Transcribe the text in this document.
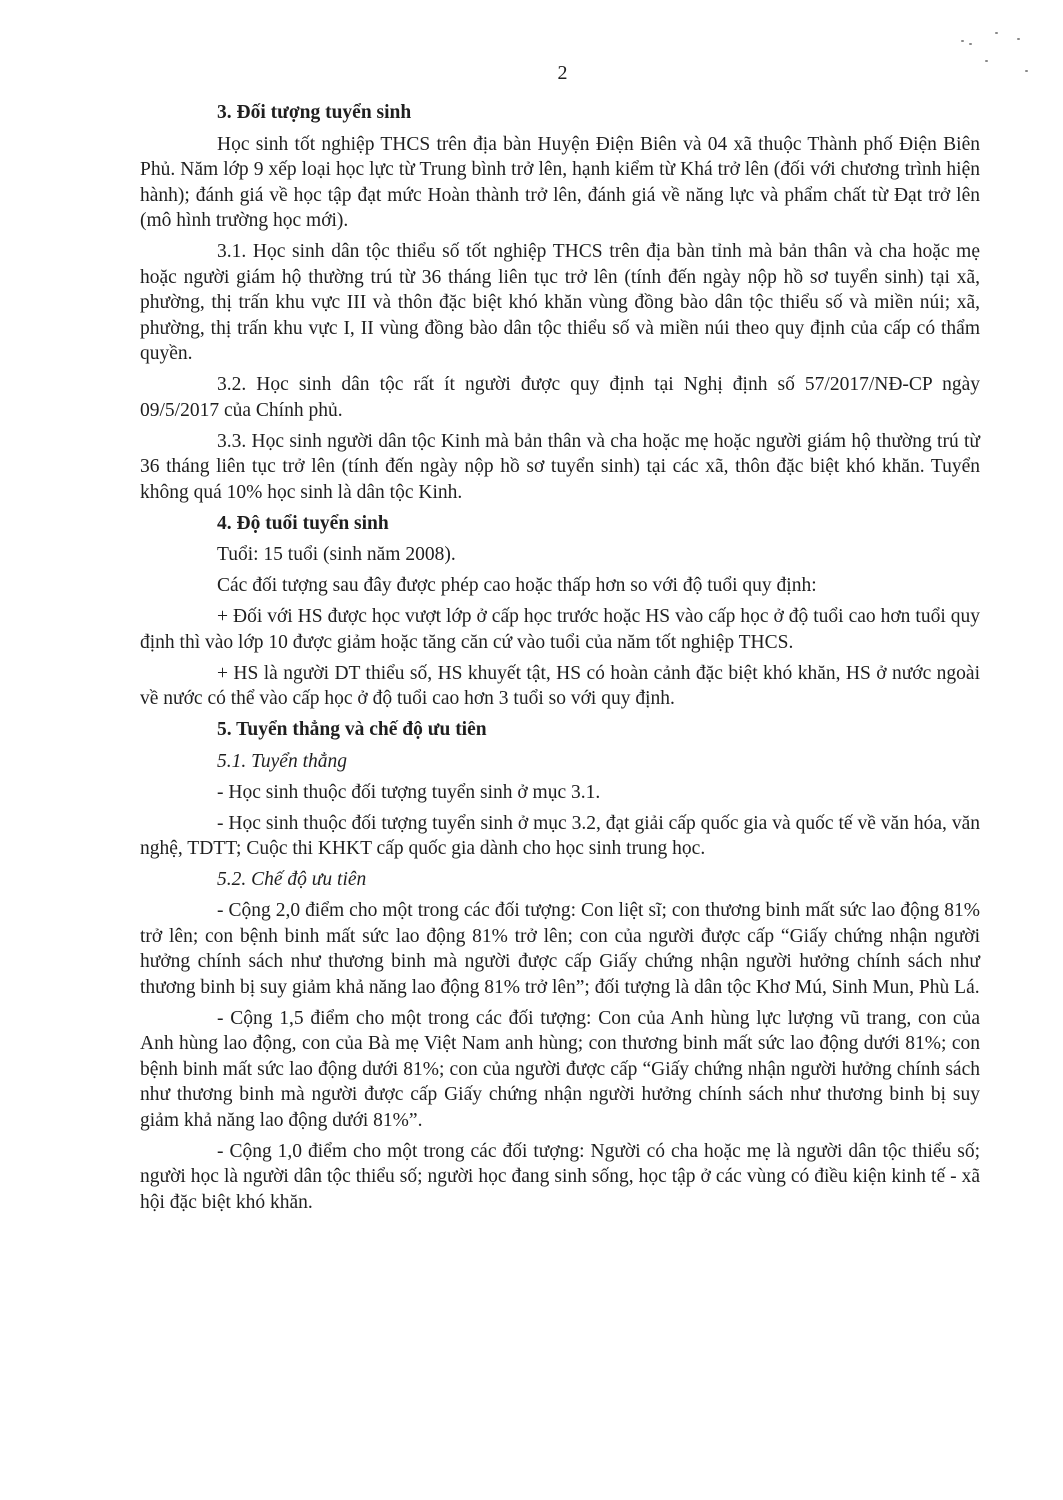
2

3. Đối tượng tuyển sinh

Học sinh tốt nghiệp THCS trên địa bàn Huyện Điện Biên và 04 xã thuộc Thành phố Điện Biên Phủ. Năm lớp 9 xếp loại học lực từ Trung bình trở lên, hạnh kiểm từ Khá trở lên (đối với chương trình hiện hành); đánh giá về học tập đạt mức Hoàn thành trở lên, đánh giá về năng lực và phẩm chất từ Đạt trở lên (mô hình trường học mới).

3.1. Học sinh dân tộc thiểu số tốt nghiệp THCS trên địa bàn tỉnh mà bản thân và cha hoặc mẹ hoặc người giám hộ thường trú từ 36 tháng liên tục trở lên (tính đến ngày nộp hồ sơ tuyển sinh) tại xã, phường, thị trấn khu vực III và thôn đặc biệt khó khăn vùng đồng bào dân tộc thiểu số và miền núi; xã, phường, thị trấn khu vực I, II vùng đồng bào dân tộc thiểu số và miền núi theo quy định của cấp có thẩm quyền.

3.2. Học sinh dân tộc rất ít người được quy định tại Nghị định số 57/2017/NĐ-CP ngày 09/5/2017 của Chính phủ.

3.3. Học sinh người dân tộc Kinh mà bản thân và cha hoặc mẹ hoặc người giám hộ thường trú từ 36 tháng liên tục trở lên (tính đến ngày nộp hồ sơ tuyển sinh) tại các xã, thôn đặc biệt khó khăn. Tuyển không quá 10% học sinh là dân tộc Kinh.

4. Độ tuổi tuyển sinh

Tuổi: 15 tuổi (sinh năm 2008).

Các đối tượng sau đây được phép cao hoặc thấp hơn so với độ tuổi quy định:

+ Đối với HS được học vượt lớp ở cấp học trước hoặc HS vào cấp học ở độ tuổi cao hơn tuổi quy định thì vào lớp 10 được giảm hoặc tăng căn cứ vào tuổi của năm tốt nghiệp THCS.

+ HS là người DT thiểu số, HS khuyết tật, HS có hoàn cảnh đặc biệt khó khăn, HS ở nước ngoài về nước có thể vào cấp học ở độ tuổi cao hơn 3 tuổi so với quy định.

5. Tuyển thẳng và chế độ ưu tiên

5.1. Tuyển thẳng

- Học sinh thuộc đối tượng tuyển sinh ở mục 3.1.

- Học sinh thuộc đối tượng tuyển sinh ở mục 3.2, đạt giải cấp quốc gia và quốc tế về văn hóa, văn nghệ, TDTT; Cuộc thi KHKT cấp quốc gia dành cho học sinh trung học.

5.2. Chế độ ưu tiên

- Cộng 2,0 điểm cho một trong các đối tượng: Con liệt sĩ; con thương binh mất sức lao động 81% trở lên; con bệnh binh mất sức lao động 81% trở lên; con của người được cấp “Giấy chứng nhận người hưởng chính sách như thương binh mà người được cấp Giấy chứng nhận người hưởng chính sách như thương binh bị suy giảm khả năng lao động 81% trở lên”; đối tượng là dân tộc Khơ Mú, Sinh Mun, Phù Lá.

- Cộng 1,5 điểm cho một trong các đối tượng: Con của Anh hùng lực lượng vũ trang, con của Anh hùng lao động, con của Bà mẹ Việt Nam anh hùng; con thương binh mất sức lao động dưới 81%; con bệnh binh mất sức lao động dưới 81%; con của người được cấp “Giấy chứng nhận người hưởng chính sách như thương binh mà người được cấp Giấy chứng nhận người hưởng chính sách như thương binh bị suy giảm khả năng lao động dưới 81%”.

- Cộng 1,0 điểm cho một trong các đối tượng: Người có cha hoặc mẹ là người dân tộc thiểu số; người học là người dân tộc thiểu số; người học đang sinh sống, học tập ở các vùng có điều kiện kinh tế - xã hội đặc biệt khó khăn.
